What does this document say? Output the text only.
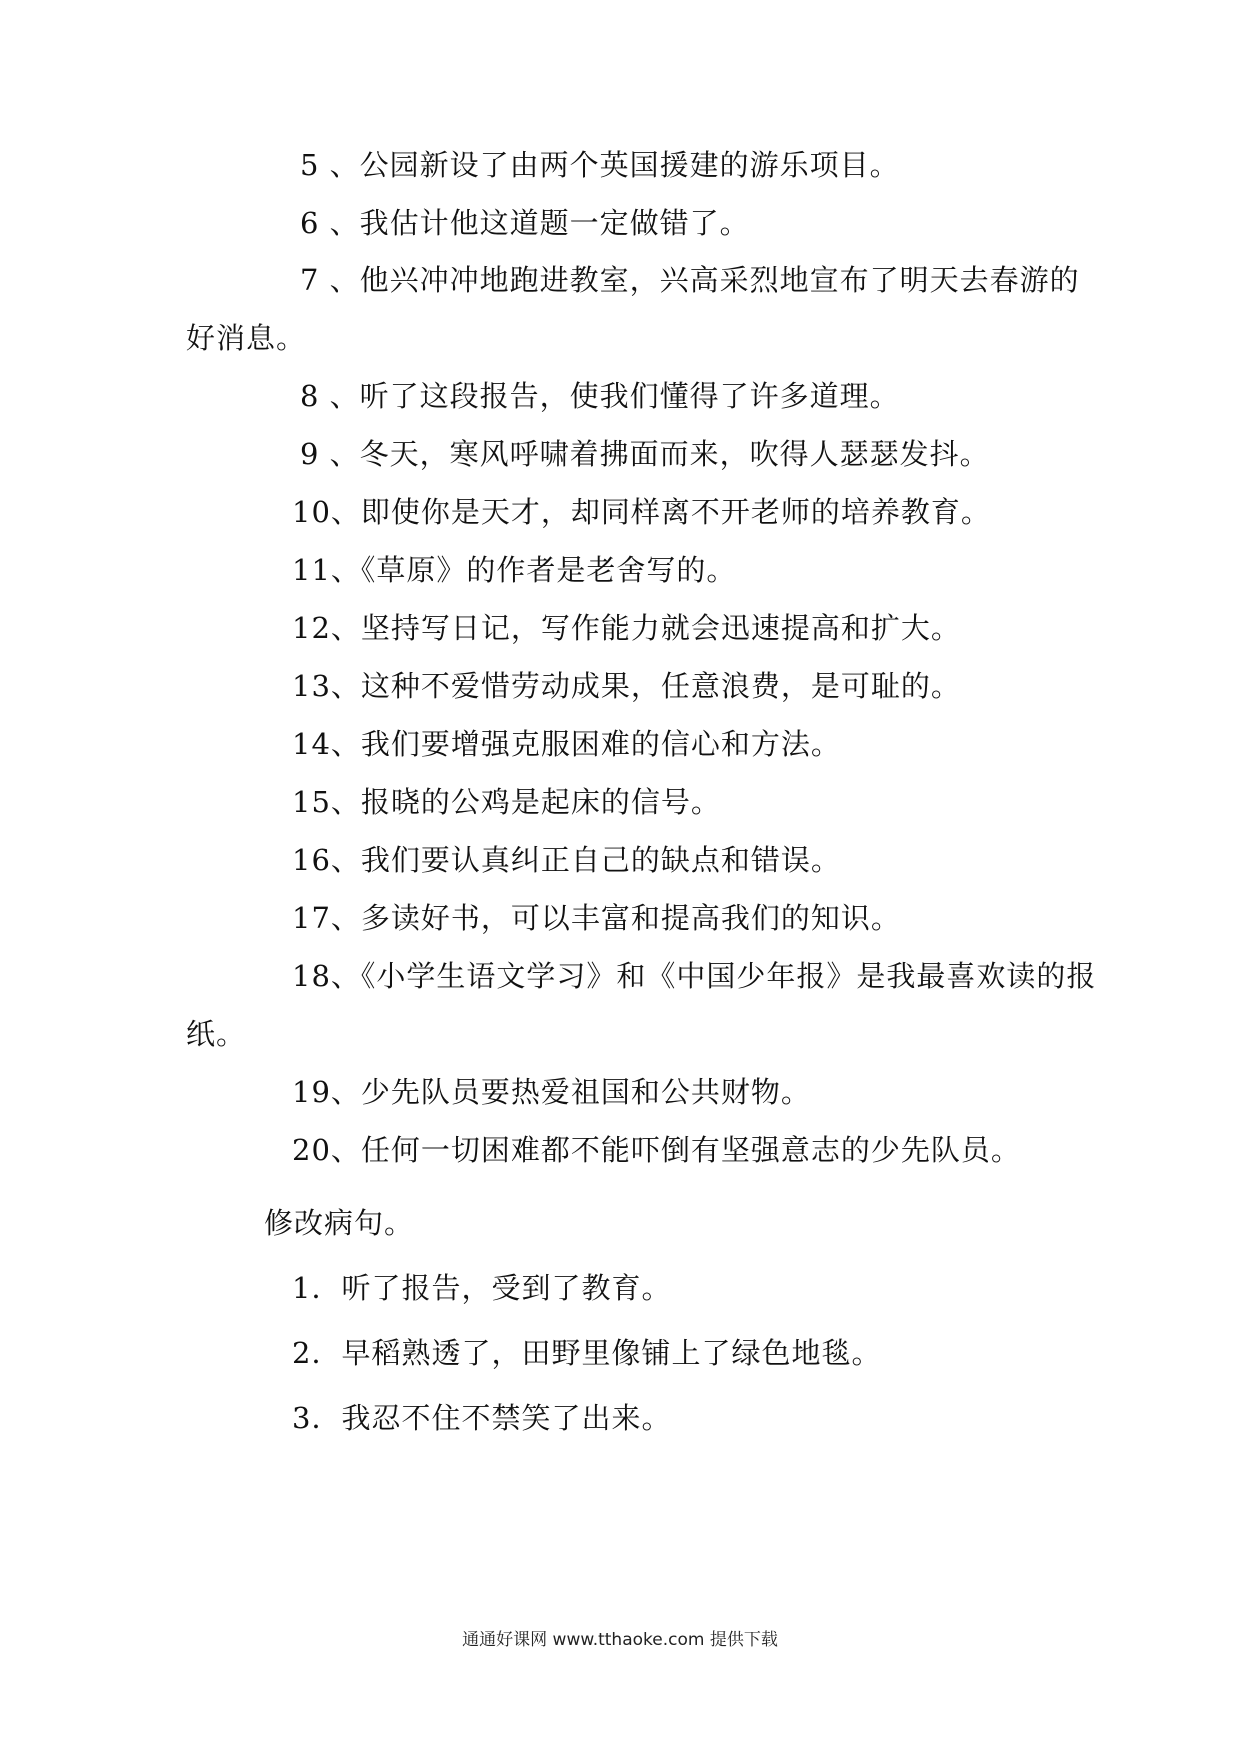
5 、公园新设了由两个英国援建的游乐项目。
6 、我估计他这道题一定做错了。
7 、他兴冲冲地跑进教室，兴高采烈地宣布了明天去春游的
好消息。
8 、听了这段报告，使我们懂得了许多道理。
9 、冬天，寒风呼啸着拂面而来，吹得人瑟瑟发抖。
10、即使你是天才，却同样离不开老师的培养教育。
11、《草原》的作者是老舍写的。
12、坚持写日记，写作能力就会迅速提高和扩大。
13、这种不爱惜劳动成果，任意浪费，是可耻的。
14、我们要增强克服困难的信心和方法。
15、报晓的公鸡是起床的信号。
16、我们要认真纠正自己的缺点和错误。
17、多读好书，可以丰富和提高我们的知识。
18、《小学生语文学习》和《中国少年报》是我最喜欢读的报
纸。
19、少先队员要热爱祖国和公共财物。
20、任何一切困难都不能吓倒有坚强意志的少先队员。
修改病句。
1．听了报告，受到了教育。
2．早稻熟透了，田野里像铺上了绿色地毯。
3．我忍不住不禁笑了出来。
通通好课网 www.tthaoke.com 提供下载
